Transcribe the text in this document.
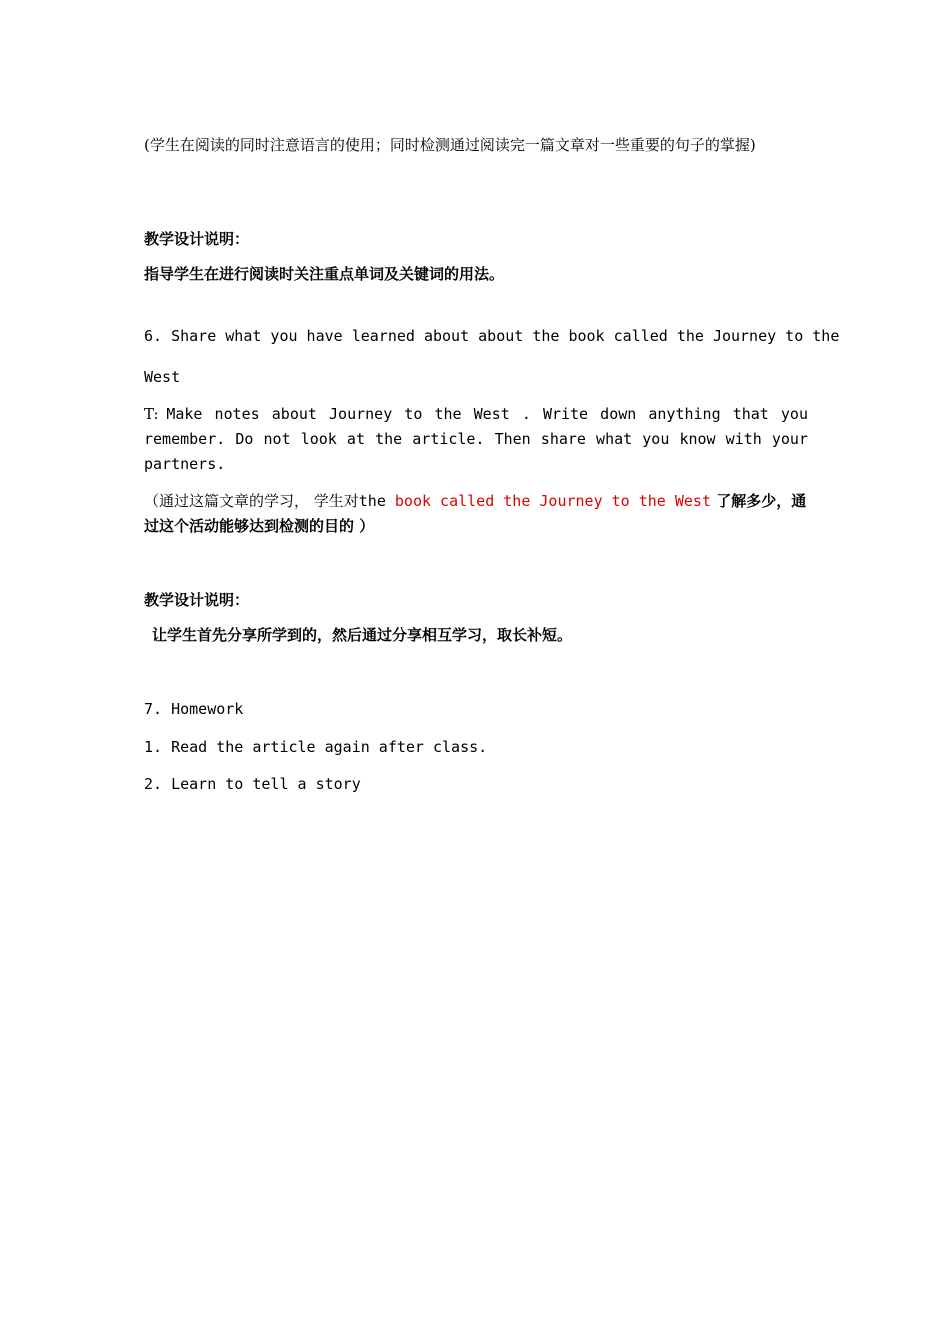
(学生在阅读的同时注意语言的使用；同时检测通过阅读完一篇文章对一些重要的句子的掌握)
教学设计说明：
指导学生在进行阅读时关注重点单词及关键词的用法。
6. Share what you have learned about about the book called the Journey to the
West
T: Make notes about Journey to the West . Write down anything that you remember. Do not look at the article. Then share what you know with your partners.
（通过这篇文章的学习， 学生对the book called the Journey to the West 了解多少，通过这个活动能够达到检测的目的 ）
教学设计说明：
让学生首先分享所学到的，然后通过分享相互学习，取长补短。
7. Homework
1. Read the article again after class.
2. Learn to tell a story
